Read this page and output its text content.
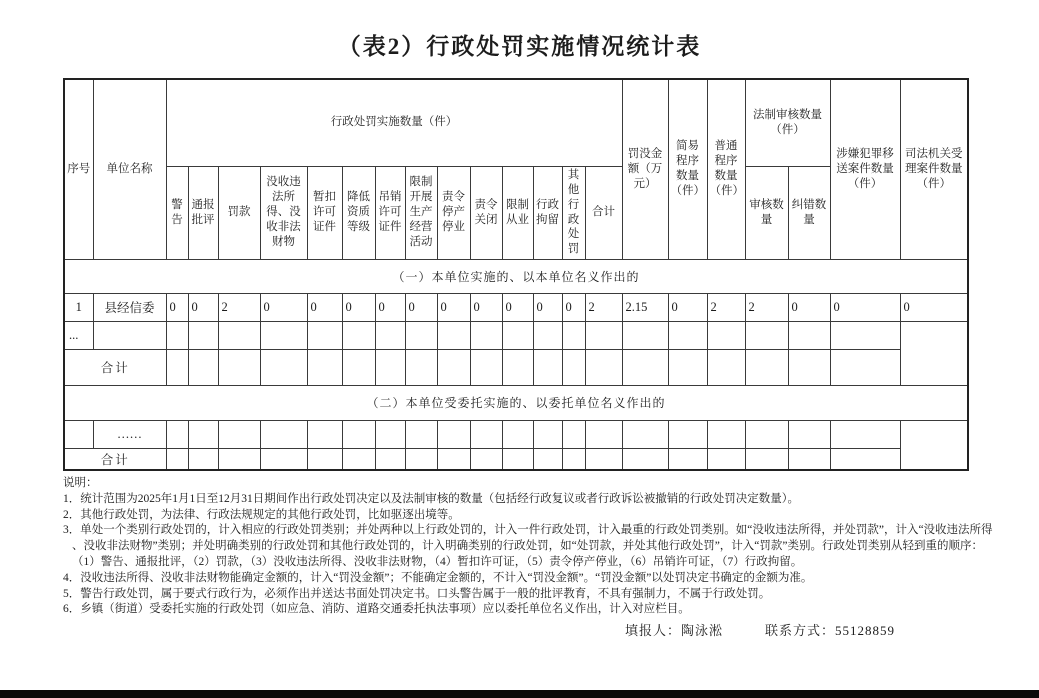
（表2）行政处罚实施情况统计表
序号	单位名称	行政处罚实施数量（件）														罚没金额（万元）	简易程序数量（件）	普通程序数量（件）	法制审核数量（件）		涉嫌犯罪移送案件数量（件）	司法机关受理案件数量（件）
		警告	通报批评	罚款	没收违法所得、没收非法财物	暂扣许可证件	降低资质等级	吊销许可证件	限制开展生产经营活动	责令停产停业	责令关闭	限制从业	行政拘留	其他行政处罚	合计				审核数量	纠错数量		
（一）本单位实施的、以本单位名义作出的																						
1	县经信委	0	0	2	0	0	0	0	0	0	0	0	0	0	2	2.15	0	2	2	0	0	0
...																						
合计																						
（二）本单位受委托实施的、以委托单位名义作出的																						
	……																					
合计																						
说明：
1．统计范围为2025年1月1日至12月31日期间作出行政处罚决定以及法制审核的数量（包括经行政复议或者行政诉讼被撤销的行政处罚决定数量）。
2．其他行政处罚，为法律、行政法规规定的其他行政处罚，比如驱逐出境等。
3．单处一个类别行政处罚的，计入相应的行政处罚类别；并处两种以上行政处罚的，计入一件行政处罚，计入最重的行政处罚类别。如“没收违法所得，并处罚款”，计入“没收违法所得
、没收非法财物”类别；并处明确类别的行政处罚和其他行政处罚的，计入明确类别的行政处罚，如“处罚款，并处其他行政处罚”，计入“罚款”类别。行政处罚类别从轻到重的顺序：
（1）警告、通报批评，（2）罚款，（3）没收违法所得、没收非法财物，（4）暂扣许可证，（5）责令停产停业，（6）吊销许可证，（7）行政拘留。
4．没收违法所得、没收非法财物能确定金额的，计入“罚没金额”；不能确定金额的，不计入“罚没金额”。“罚没金额”以处罚决定书确定的金额为准。
5．警告行政处罚，属于要式行政行为，必须作出并送达书面处罚决定书。口头警告属于一般的批评教育，不具有强制力，不属于行政处罚。
6．乡镇（街道）受委托实施的行政处罚（如应急、消防、道路交通委托执法事项）应以委托单位名义作出，计入对应栏目。
填报人：陶泳淞	联系方式：55128859
